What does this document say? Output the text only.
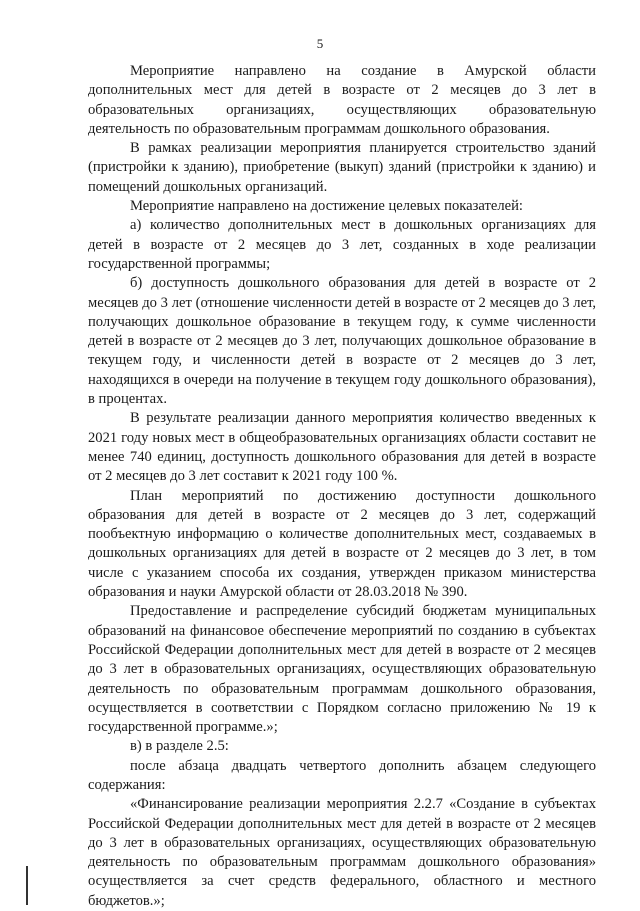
5

Мероприятие направлено на создание в Амурской области дополнительных мест для детей в возрасте от 2 месяцев до 3 лет в образовательных организациях, осуществляющих образовательную деятельность по образовательным программам дошкольного образования.

В рамках реализации мероприятия планируется строительство зданий (пристройки к зданию), приобретение (выкуп) зданий (пристройки к зданию) и помещений дошкольных организаций.

Мероприятие направлено на достижение целевых показателей:

а) количество дополнительных мест в дошкольных организациях для детей в возрасте от 2 месяцев до 3 лет, созданных в ходе реализации государственной программы;

б) доступность дошкольного образования для детей в возрасте от 2 месяцев до 3 лет (отношение численности детей в возрасте от 2 месяцев до 3 лет, получающих дошкольное образование в текущем году, к сумме численности детей в возрасте от 2 месяцев до 3 лет, получающих дошкольное образование в текущем году, и численности детей в возрасте от 2 месяцев до 3 лет, находящихся в очереди на получение в текущем году дошкольного образования), в процентах.

В результате реализации данного мероприятия количество введенных к 2021 году новых мест в общеобразовательных организациях области составит не менее 740 единиц, доступность дошкольного образования для детей в возрасте от 2 месяцев до 3 лет составит к 2021 году 100 %.

План мероприятий по достижению доступности дошкольного образования для детей в возрасте от 2 месяцев до 3 лет, содержащий пообъектную информацию о количестве дополнительных мест, создаваемых в дошкольных организациях для детей в возрасте от 2 месяцев до 3 лет, в том числе с указанием способа их создания, утвержден приказом министерства образования и науки Амурской области от 28.03.2018 № 390.

Предоставление и распределение субсидий бюджетам муниципальных образований на финансовое обеспечение мероприятий по созданию в субъектах Российской Федерации дополнительных мест для детей в возрасте от 2 месяцев до 3 лет в образовательных организациях, осуществляющих образовательную деятельность по образовательным программам дошкольного образования, осуществляется в соответствии с Порядком согласно приложению № 19 к государственной программе.»;

в) в разделе 2.5:

после абзаца двадцать четвертого дополнить абзацем следующего содержания:

«Финансирование реализации мероприятия 2.2.7 «Создание в субъектах Российской Федерации дополнительных мест для детей в возрасте от 2 месяцев до 3 лет в образовательных организациях, осуществляющих образовательную деятельность по образовательным программам дошкольного образования» осуществляется за счет средств федерального, областного и местного бюджетов.»;
